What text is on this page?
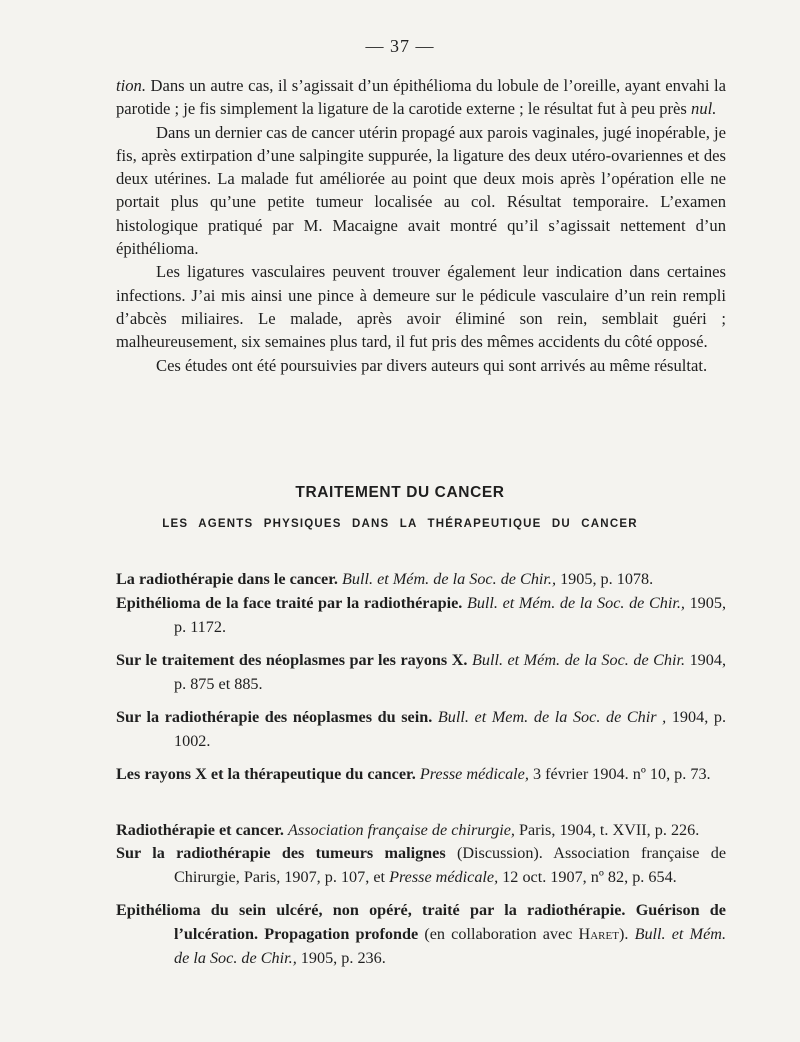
— 37 —

tion. Dans un autre cas, il s’agissait d’un épithélioma du lobule de l’oreille, ayant envahi la parotide ; je fis simplement la ligature de la carotide externe ; le résultat fut à peu près nul.

Dans un dernier cas de cancer utérin propagé aux parois vaginales, jugé inopérable, je fis, après extirpation d’une salpingite suppurée, la ligature des deux utéro-ovariennes et des deux utérines. La malade fut améliorée au point que deux mois après l’opération elle ne portait plus qu’une petite tumeur localisée au col. Résultat temporaire. L’examen histologique pratiqué par M. Macaigne avait montré qu’il s’agissait nettement d’un épithélioma.

Les ligatures vasculaires peuvent trouver également leur indication dans certaines infections. J’ai mis ainsi une pince à demeure sur le pédicule vasculaire d’un rein rempli d’abcès miliaires. Le malade, après avoir éliminé son rein, semblait guéri ; malheureusement, six semaines plus tard, il fut pris des mêmes accidents du côté opposé.

Ces études ont été poursuivies par divers auteurs qui sont arrivés au même résultat.

TRAITEMENT DU CANCER
LES AGENTS PHYSIQUES DANS LA THÉRAPEUTIQUE DU CANCER
La radiothérapie dans le cancer. Bull. et Mém. de la Soc. de Chir., 1905, p. 1078.
Epithélioma de la face traité par la radiothérapie. Bull. et Mém. de la Soc. de Chir., 1905, p. 1172.
Sur le traitement des néoplasmes par les rayons X. Bull. et Mém. de la Soc. de Chir. 1904, p. 875 et 885.
Sur la radiothérapie des néoplasmes du sein. Bull. et Mem. de la Soc. de Chir , 1904, p. 1002.
Les rayons X et la thérapeutique du cancer. Presse médicale, 3 février 1904. nº 10, p. 73.
Radiothérapie et cancer. Association française de chirurgie, Paris, 1904, t. XVII, p. 226.
Sur la radiothérapie des tumeurs malignes (Discussion). Association française de Chirurgie, Paris, 1907, p. 107, et Presse médicale, 12 oct. 1907, nº 82, p. 654.
Epithélioma du sein ulcéré, non opéré, traité par la radiothérapie. Guérison de l’ulcération. Propagation profonde (en collaboration avec Haret). Bull. et Mém. de la Soc. de Chir., 1905, p. 236.
